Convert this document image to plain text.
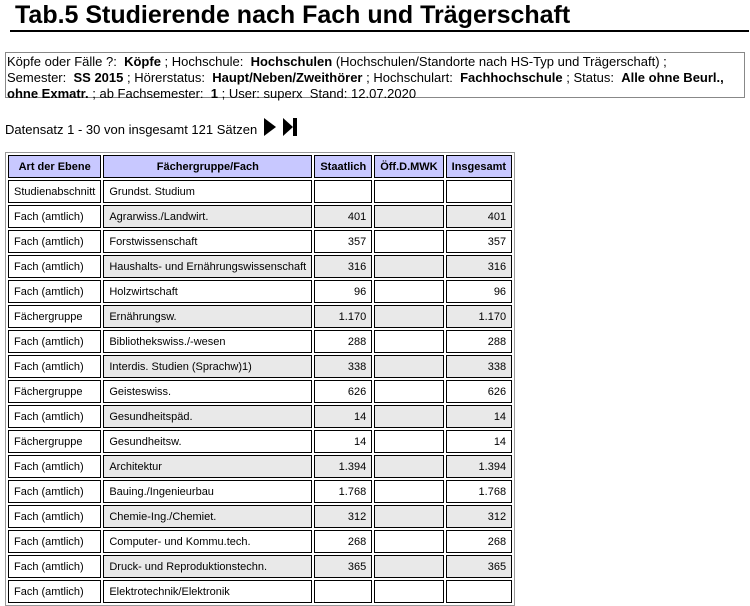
Tab.5 Studierende nach Fach und Trägerschaft
Köpfe oder Fälle ?: Köpfe ; Hochschule: Hochschulen (Hochschulen/Standorte nach HS-Typ und Trägerschaft) ;
Semester: SS 2015 ; Hörerstatus: Haupt/Neben/Zweithörer ; Hochschulart: Fachhochschule ; Status: Alle ohne Beurl., ohne Exmatr. ; ab Fachsemester: 1 ; User: superx Stand: 12.07.2020
Datensatz 1 - 30 von insgesamt 121 Sätzen
Art der Ebene	Fächergruppe/Fach	Staatlich	Öff.D.MWK	Insgesamt
Studienabschnitt	Grundst. Studium			
Fach (amtlich)	Agrarwiss./Landwirt.	401		401
Fach (amtlich)	Forstwissenschaft	357		357
Fach (amtlich)	Haushalts- und Ernährungswissenschaft	316		316
Fach (amtlich)	Holzwirtschaft	96		96
Fächergruppe	Ernährungsw.	1.170		1.170
Fach (amtlich)	Bibliothekswiss./-wesen	288		288
Fach (amtlich)	Interdis. Studien (Sprachw)1)	338		338
Fächergruppe	Geisteswiss.	626		626
Fach (amtlich)	Gesundheitspäd.	14		14
Fächergruppe	Gesundheitsw.	14		14
Fach (amtlich)	Architektur	1.394		1.394
Fach (amtlich)	Bauing./Ingenieurbau	1.768		1.768
Fach (amtlich)	Chemie-Ing./Chemiet.	312		312
Fach (amtlich)	Computer- und Kommu.tech.	268		268
Fach (amtlich)	Druck- und Reproduktionstechn.	365		365
Fach (amtlich)	Elektrotechnik/Elektronik			
